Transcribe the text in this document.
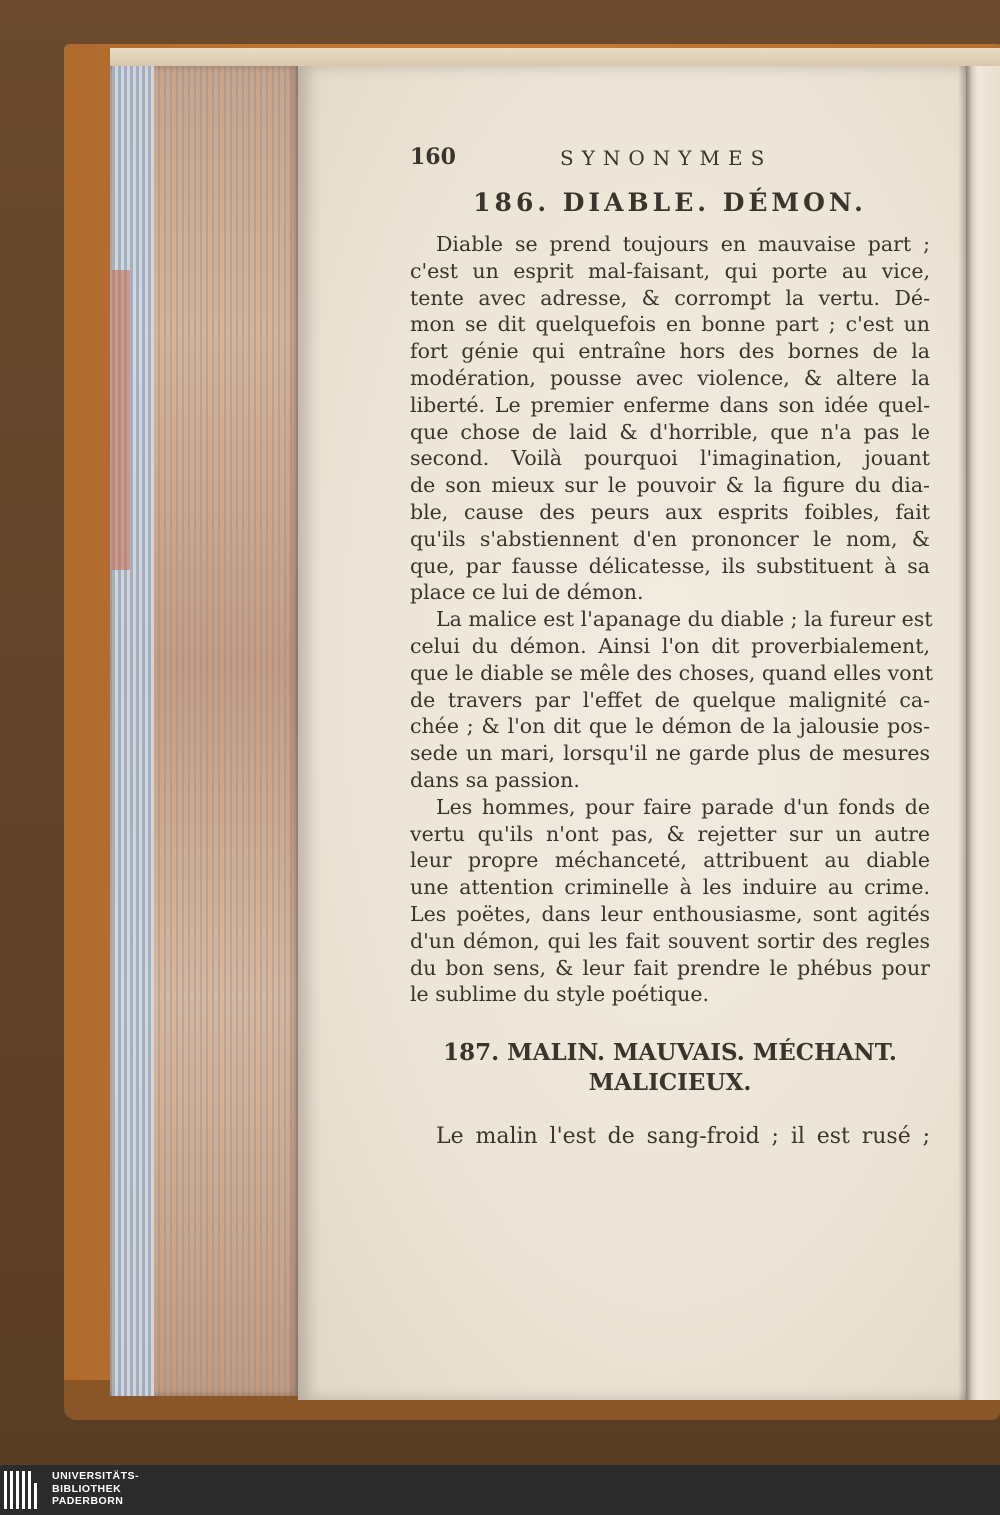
160	SYNONYMES
186. DIABLE. DÉMON.
Diable se prend toujours en mauvaise part ;
c'est un esprit mal-faisant, qui porte au vice,
tente avec adresse, & corrompt la vertu. Dé-
mon se dit quelquefois en bonne part ; c'est un
fort génie qui entraîne hors des bornes de la
modération, pousse avec violence, & altere la
liberté. Le premier enferme dans son idée quel-
que chose de laid & d'horrible, que n'a pas le
second. Voilà pourquoi l'imagination, jouant
de son mieux sur le pouvoir & la figure du dia-
ble, cause des peurs aux esprits foibles, fait
qu'ils s'abstiennent d'en prononcer le nom, &
que, par fausse délicatesse, ils substituent à sa
place ce lui de démon.
La malice est l'apanage du diable ; la fureur est
celui du démon. Ainsi l'on dit proverbialement,
que le diable se mêle des choses, quand elles vont
de travers par l'effet de quelque malignité ca-
chée ; & l'on dit que le démon de la jalousie pos-
sede un mari, lorsqu'il ne garde plus de mesures
dans sa passion.
Les hommes, pour faire parade d'un fonds de
vertu qu'ils n'ont pas, & rejetter sur un autre
leur propre méchanceté, attribuent au diable
une attention criminelle à les induire au crime.
Les poëtes, dans leur enthousiasme, sont agités
d'un démon, qui les fait souvent sortir des regles
du bon sens, & leur fait prendre le phébus pour
le sublime du style poétique.
187. MALIN. MAUVAIS. MÉCHANT.
MALICIEUX.
Le malin l'est de sang-froid ; il est rusé ;
UNIVERSITÄTS-
BIBLIOTHEK
PADERBORN
